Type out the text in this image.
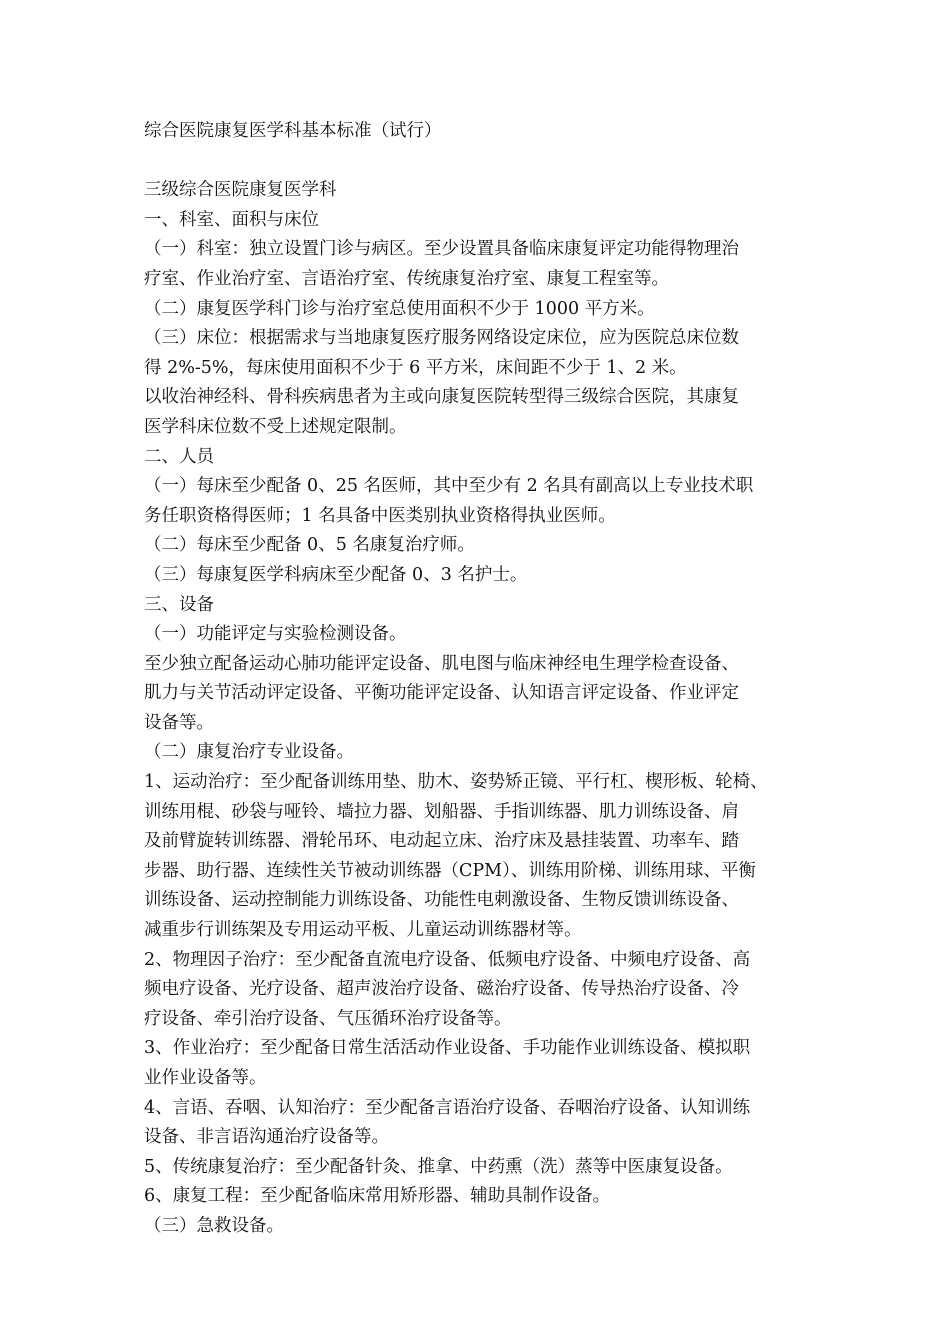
综合医院康复医学科基本标准（试行）
三级综合医院康复医学科
一、科室、面积与床位
（一）科室：独立设置门诊与病区。至少设置具备临床康复评定功能得物理治
疗室、作业治疗室、言语治疗室、传统康复治疗室、康复工程室等。
（二）康复医学科门诊与治疗室总使用面积不少于 1000 平方米。
（三）床位：根据需求与当地康复医疗服务网络设定床位，应为医院总床位数
得 2%-5%，每床使用面积不少于 6 平方米，床间距不少于 1、2 米。
以收治神经科、骨科疾病患者为主或向康复医院转型得三级综合医院，其康复
医学科床位数不受上述规定限制。
二、人员
（一）每床至少配备 0、25 名医师，其中至少有 2 名具有副高以上专业技术职
务任职资格得医师；1 名具备中医类别执业资格得执业医师。
（二）每床至少配备 0、5 名康复治疗师。
（三）每康复医学科病床至少配备 0、3 名护士。
三、设备
（一）功能评定与实验检测设备。
至少独立配备运动心肺功能评定设备、肌电图与临床神经电生理学检查设备、
肌力与关节活动评定设备、平衡功能评定设备、认知语言评定设备、作业评定
设备等。
（二）康复治疗专业设备。
1、运动治疗：至少配备训练用垫、肋木、姿势矫正镜、平行杠、楔形板、轮椅、
训练用棍、砂袋与哑铃、墙拉力器、划船器、手指训练器、肌力训练设备、肩
及前臂旋转训练器、滑轮吊环、电动起立床、治疗床及悬挂装置、功率车、踏
步器、助行器、连续性关节被动训练器（CPM）、训练用阶梯、训练用球、平衡
训练设备、运动控制能力训练设备、功能性电刺激设备、生物反馈训练设备、
减重步行训练架及专用运动平板、儿童运动训练器材等。
2、物理因子治疗：至少配备直流电疗设备、低频电疗设备、中频电疗设备、高
频电疗设备、光疗设备、超声波治疗设备、磁治疗设备、传导热治疗设备、冷
疗设备、牵引治疗设备、气压循环治疗设备等。
3、作业治疗：至少配备日常生活活动作业设备、手功能作业训练设备、模拟职
业作业设备等。
4、言语、吞咽、认知治疗：至少配备言语治疗设备、吞咽治疗设备、认知训练
设备、非言语沟通治疗设备等。
5、传统康复治疗：至少配备针灸、推拿、中药熏（洗）蒸等中医康复设备。
6、康复工程：至少配备临床常用矫形器、辅助具制作设备。
（三）急救设备。
